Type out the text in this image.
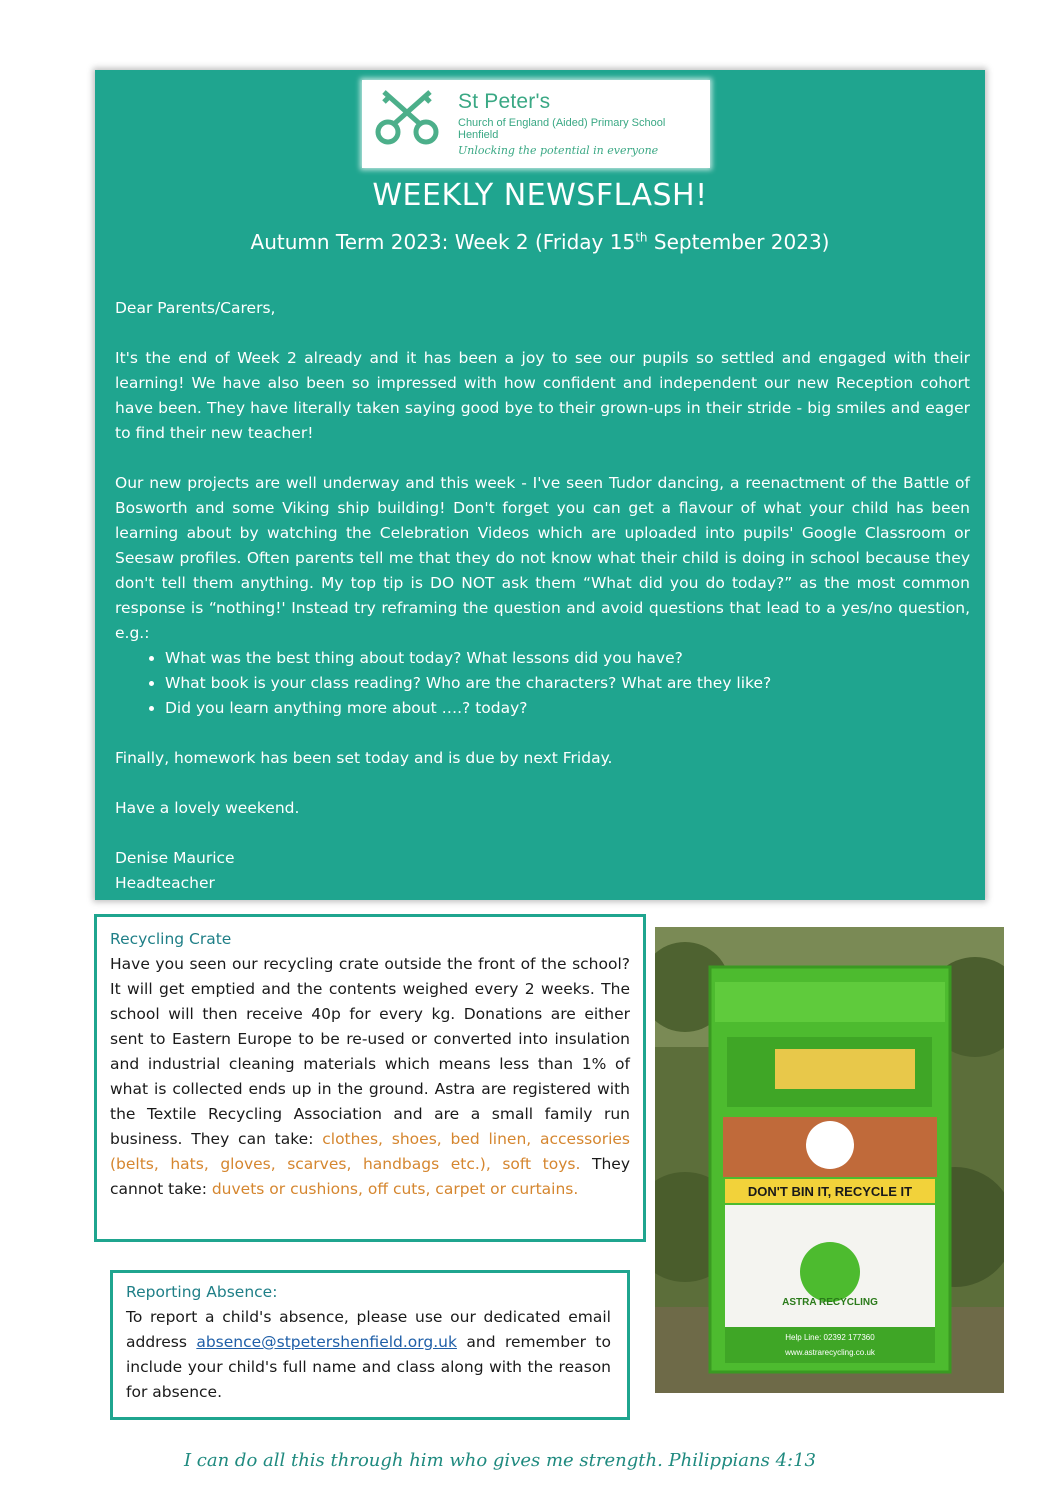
St Peter's
Church of England (Aided) Primary School
Henfield
Unlocking the potential in everyone
WEEKLY NEWSFLASH!
Autumn Term 2023: Week 2 (Friday 15th September 2023)

Dear Parents/Carers,

It's the end of Week 2 already and it has been a joy to see our pupils so settled and engaged with their learning! We have also been so impressed with how confident and independent our new Reception cohort have been. They have literally taken saying good bye to their grown-ups in their stride - big smiles and eager to find their new teacher!

Our new projects are well underway and this week - I've seen Tudor dancing, a reenactment of the Battle of Bosworth and some Viking ship building! Don't forget you can get a flavour of what your child has been learning about by watching the Celebration Videos which are uploaded into pupils' Google Classroom or Seesaw profiles. Often parents tell me that they do not know what their child is doing in school because they don't tell them anything. My top tip is DO NOT ask them “What did you do today?” as the most common response is “nothing!' Instead try reframing the question and avoid questions that lead to a yes/no question, e.g.:

• What was the best thing about today? What lessons did you have?
• What book is your class reading? Who are the characters? What are they like?
• Did you learn anything more about ….? today?

Finally, homework has been set today and is due by next Friday.

Have a lovely weekend.

Denise Maurice

Headteacher

Recycling Crate
Have you seen our recycling crate outside the front of the school? It will get emptied and the contents weighed every 2 weeks. The school will then receive 40p for every kg. Donations are either sent to Eastern Europe to be re-used or converted into insulation and industrial cleaning materials which means less than 1% of what is collected ends up in the ground. Astra are registered with the Textile Recycling Association and are a small family run business. They can take: clothes, shoes, bed linen, accessories (belts, hats, gloves, scarves, handbags etc.), soft toys. They cannot take: duvets or cushions, off cuts, carpet or curtains.
Reporting Absence:
To report a child's absence, please use our dedicated email address absence@stpetershenfield.org.uk and remember to include your child's full name and class along with the reason for absence.
DON'T BIN IT, RECYCLE IT
ASTRA RECYCLING
Help Line: 02392 177360
www.astrarecycling.co.uk
I can do all this through him who gives me strength. Philippians 4:13
